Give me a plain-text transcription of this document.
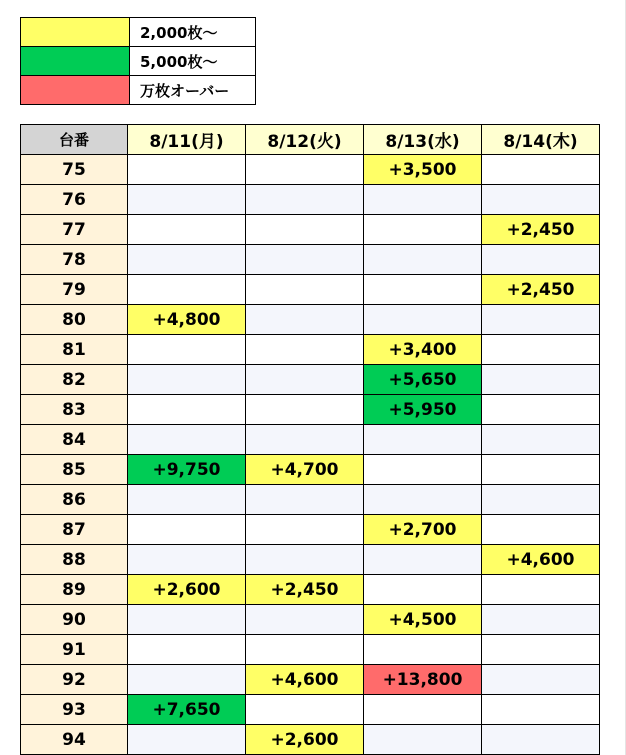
	2,000枚〜
	5,000枚〜
	万枚オーバー
台番	8/11(月)	8/12(火)	8/13(水)	8/14(木)
75			+3,500	
76				
77				+2,450
78				
79				+2,450
80	+4,800			
81			+3,400	
82			+5,650	
83			+5,950	
84				
85	+9,750	+4,700		
86				
87			+2,700	
88				+4,600
89	+2,600	+2,450		
90			+4,500	
91				
92		+4,600	+13,800	
93	+7,650			
94		+2,600		
